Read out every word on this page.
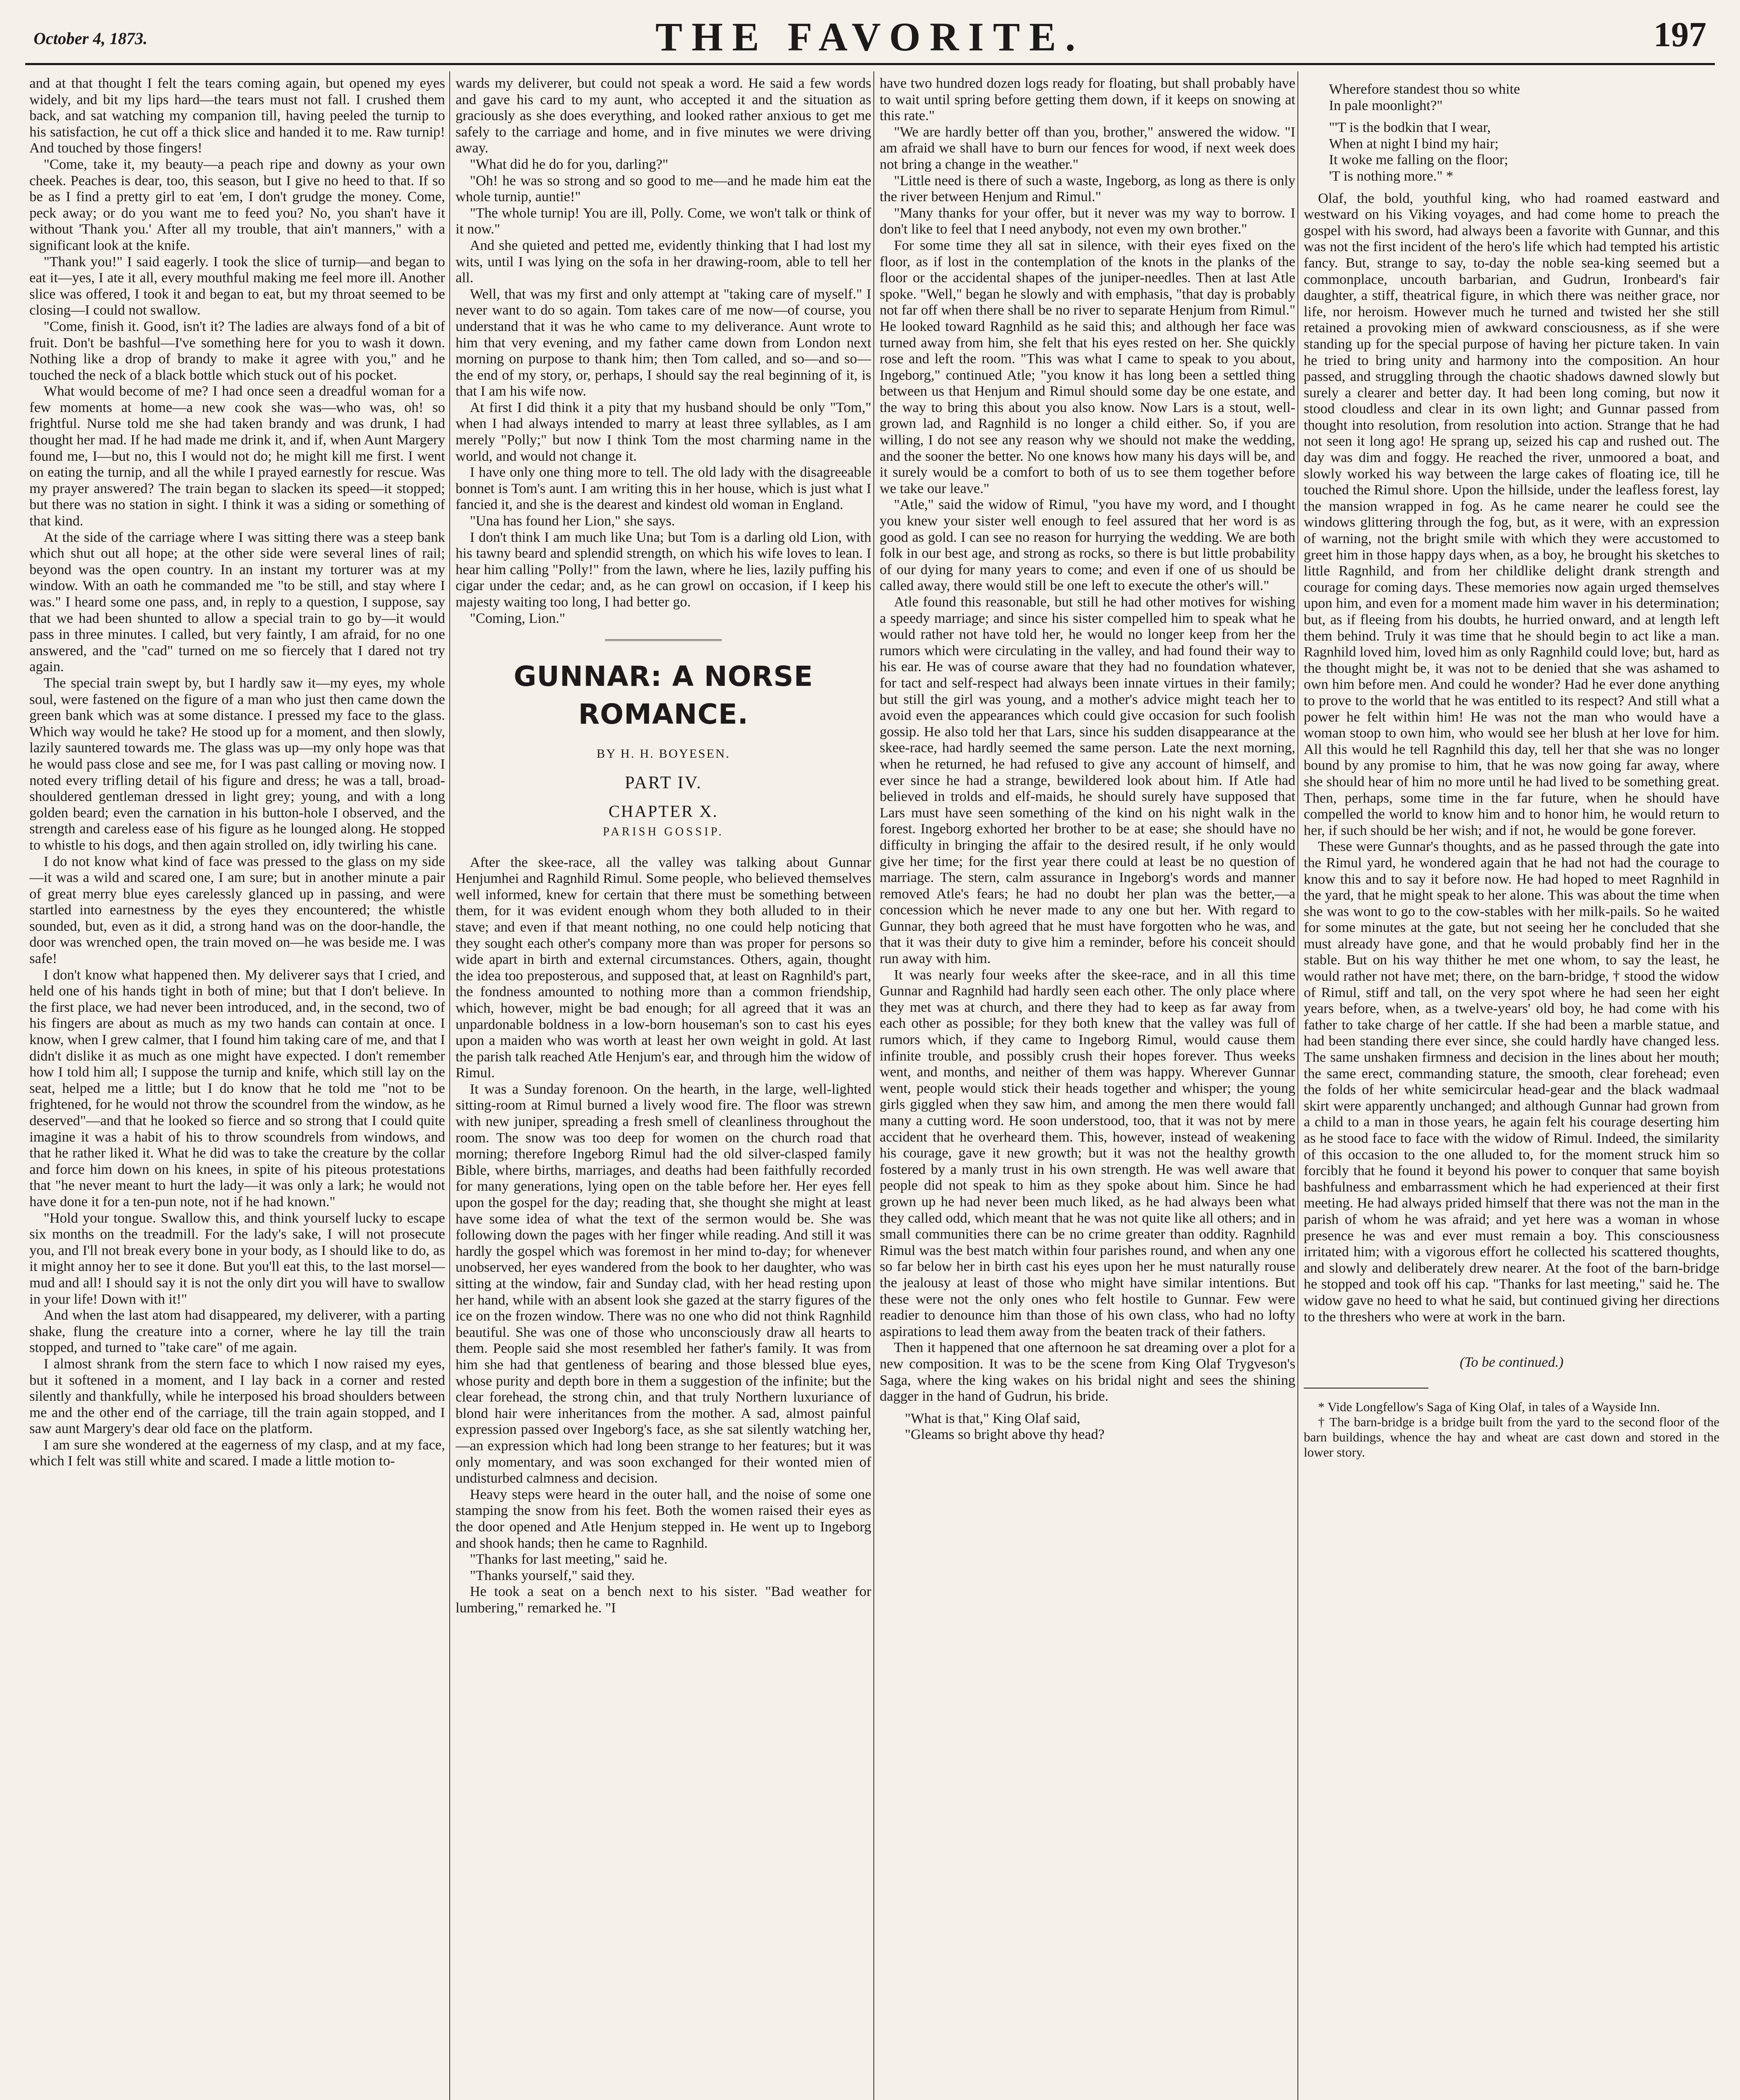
October 4, 1873.	THE FAVORITE.	197

and at that thought I felt the tears coming again, but opened my eyes widely, and bit my lips hard—the tears must not fall. I crushed them back, and sat watching my companion till, having peeled the turnip to his satisfaction, he cut off a thick slice and handed it to me. Raw turnip! And touched by those fingers!

"Come, take it, my beauty—a peach ripe and downy as your own cheek. Peaches is dear, too, this season, but I give no heed to that. If so be as I find a pretty girl to eat 'em, I don't grudge the money. Come, peck away; or do you want me to feed you? No, you shan't have it without 'Thank you.' After all my trouble, that ain't manners," with a significant look at the knife.

"Thank you!" I said eagerly. I took the slice of turnip—and began to eat it—yes, I ate it all, every mouthful making me feel more ill. Another slice was offered, I took it and began to eat, but my throat seemed to be closing—I could not swallow.

"Come, finish it. Good, isn't it? The ladies are always fond of a bit of fruit. Don't be bashful—I've something here for you to wash it down. Nothing like a drop of brandy to make it agree with you," and he touched the neck of a black bottle which stuck out of his pocket.

What would become of me? I had once seen a dreadful woman for a few moments at home—a new cook she was—who was, oh! so frightful. Nurse told me she had taken brandy and was drunk, I had thought her mad. If he had made me drink it, and if, when Aunt Margery found me, I—but no, this I would not do; he might kill me first. I went on eating the turnip, and all the while I prayed earnestly for rescue. Was my prayer answered? The train began to slacken its speed—it stopped; but there was no station in sight. I think it was a siding or something of that kind.

At the side of the carriage where I was sitting there was a steep bank which shut out all hope; at the other side were several lines of rail; beyond was the open country. In an instant my torturer was at my window. With an oath he commanded me "to be still, and stay where I was." I heard some one pass, and, in reply to a question, I suppose, say that we had been shunted to allow a special train to go by—it would pass in three minutes. I called, but very faintly, I am afraid, for no one answered, and the "cad" turned on me so fiercely that I dared not try again.

The special train swept by, but I hardly saw it—my eyes, my whole soul, were fastened on the figure of a man who just then came down the green bank which was at some distance. I pressed my face to the glass. Which way would he take? He stood up for a moment, and then slowly, lazily sauntered towards me. The glass was up—my only hope was that he would pass close and see me, for I was past calling or moving now. I noted every trifling detail of his figure and dress; he was a tall, broad-shouldered gentleman dressed in light grey; young, and with a long golden beard; even the carnation in his button-hole I observed, and the strength and careless ease of his figure as he lounged along. He stopped to whistle to his dogs, and then again strolled on, idly twirling his cane.

I do not know what kind of face was pressed to the glass on my side—it was a wild and scared one, I am sure; but in another minute a pair of great merry blue eyes carelessly glanced up in passing, and were startled into earnestness by the eyes they encountered; the whistle sounded, but, even as it did, a strong hand was on the door-handle, the door was wrenched open, the train moved on—he was beside me. I was safe!

I don't know what happened then. My deliverer says that I cried, and held one of his hands tight in both of mine; but that I don't believe. In the first place, we had never been introduced, and, in the second, two of his fingers are about as much as my two hands can contain at once. I know, when I grew calmer, that I found him taking care of me, and that I didn't dislike it as much as one might have expected. I don't remember how I told him all; I suppose the turnip and knife, which still lay on the seat, helped me a little; but I do know that he told me "not to be frightened, for he would not throw the scoundrel from the window, as he deserved"—and that he looked so fierce and so strong that I could quite imagine it was a habit of his to throw scoundrels from windows, and that he rather liked it. What he did was to take the creature by the collar and force him down on his knees, in spite of his piteous protestations that "he never meant to hurt the lady—it was only a lark; he would not have done it for a ten-pun note, not if he had known."

"Hold your tongue. Swallow this, and think yourself lucky to escape six months on the treadmill. For the lady's sake, I will not prosecute you, and I'll not break every bone in your body, as I should like to do, as it might annoy her to see it done. But you'll eat this, to the last morsel—mud and all! I should say it is not the only dirt you will have to swallow in your life! Down with it!"

And when the last atom had disappeared, my deliverer, with a parting shake, flung the creature into a corner, where he lay till the train stopped, and turned to "take care" of me again.

I almost shrank from the stern face to which I now raised my eyes, but it softened in a moment, and I lay back in a corner and rested silently and thankfully, while he interposed his broad shoulders between me and the other end of the carriage, till the train again stopped, and I saw aunt Margery's dear old face on the platform.

I am sure she wondered at the eagerness of my clasp, and at my face, which I felt was still white and scared. I made a little motion to-

wards my deliverer, but could not speak a word. He said a few words and gave his card to my aunt, who accepted it and the situation as graciously as she does everything, and looked rather anxious to get me safely to the carriage and home, and in five minutes we were driving away.

"What did he do for you, darling?"

"Oh! he was so strong and so good to me—and he made him eat the whole turnip, auntie!"

"The whole turnip! You are ill, Polly. Come, we won't talk or think of it now."

And she quieted and petted me, evidently thinking that I had lost my wits, until I was lying on the sofa in her drawing-room, able to tell her all.

Well, that was my first and only attempt at "taking care of myself." I never want to do so again. Tom takes care of me now—of course, you understand that it was he who came to my deliverance. Aunt wrote to him that very evening, and my father came down from London next morning on purpose to thank him; then Tom called, and so—and so—the end of my story, or, perhaps, I should say the real beginning of it, is that I am his wife now.

At first I did think it a pity that my husband should be only "Tom," when I had always intended to marry at least three syllables, as I am merely "Polly;" but now I think Tom the most charming name in the world, and would not change it.

I have only one thing more to tell. The old lady with the disagreeable bonnet is Tom's aunt. I am writing this in her house, which is just what I fancied it, and she is the dearest and kindest old woman in England.

"Una has found her Lion," she says.

I don't think I am much like Una; but Tom is a darling old Lion, with his tawny beard and splendid strength, on which his wife loves to lean. I hear him calling "Polly!" from the lawn, where he lies, lazily puffing his cigar under the cedar; and, as he can growl on occasion, if I keep his majesty waiting too long, I had better go.

"Coming, Lion."

GUNNAR: A NORSE ROMANCE.
BY H. H. BOYESEN.
PART IV.
CHAPTER X.
PARISH GOSSIP.

After the skee-race, all the valley was talking about Gunnar Henjumhei and Ragnhild Rimul. Some people, who believed themselves well informed, knew for certain that there must be something between them, for it was evident enough whom they both alluded to in their stave; and even if that meant nothing, no one could help noticing that they sought each other's company more than was proper for persons so wide apart in birth and external circumstances. Others, again, thought the idea too preposterous, and supposed that, at least on Ragnhild's part, the fondness amounted to nothing more than a common friendship, which, however, might be bad enough; for all agreed that it was an unpardonable boldness in a low-born houseman's son to cast his eyes upon a maiden who was worth at least her own weight in gold. At last the parish talk reached Atle Henjum's ear, and through him the widow of Rimul.

It was a Sunday forenoon. On the hearth, in the large, well-lighted sitting-room at Rimul burned a lively wood fire. The floor was strewn with new juniper, spreading a fresh smell of cleanliness throughout the room. The snow was too deep for women on the church road that morning; therefore Ingeborg Rimul had the old silver-clasped family Bible, where births, marriages, and deaths had been faithfully recorded for many generations, lying open on the table before her. Her eyes fell upon the gospel for the day; reading that, she thought she might at least have some idea of what the text of the sermon would be. She was following down the pages with her finger while reading. And still it was hardly the gospel which was foremost in her mind to-day; for whenever unobserved, her eyes wandered from the book to her daughter, who was sitting at the window, fair and Sunday clad, with her head resting upon her hand, while with an absent look she gazed at the starry figures of the ice on the frozen window. There was no one who did not think Ragnhild beautiful. She was one of those who unconsciously draw all hearts to them. People said she most resembled her father's family. It was from him she had that gentleness of bearing and those blessed blue eyes, whose purity and depth bore in them a suggestion of the infinite; but the clear forehead, the strong chin, and that truly Northern luxuriance of blond hair were inheritances from the mother. A sad, almost painful expression passed over Ingeborg's face, as she sat silently watching her,—an expression which had long been strange to her features; but it was only momentary, and was soon exchanged for their wonted mien of undisturbed calmness and decision.

Heavy steps were heard in the outer hall, and the noise of some one stamping the snow from his feet. Both the women raised their eyes as the door opened and Atle Henjum stepped in. He went up to Ingeborg and shook hands; then he came to Ragnhild.

"Thanks for last meeting," said he.

"Thanks yourself," said they.

He took a seat on a bench next to his sister. "Bad weather for lumbering," remarked he. "I

have two hundred dozen logs ready for floating, but shall probably have to wait until spring before getting them down, if it keeps on snowing at this rate."

"We are hardly better off than you, brother," answered the widow. "I am afraid we shall have to burn our fences for wood, if next week does not bring a change in the weather."

"Little need is there of such a waste, Ingeborg, as long as there is only the river between Henjum and Rimul."

"Many thanks for your offer, but it never was my way to borrow. I don't like to feel that I need anybody, not even my own brother."

For some time they all sat in silence, with their eyes fixed on the floor, as if lost in the contemplation of the knots in the planks of the floor or the accidental shapes of the juniper-needles. Then at last Atle spoke. "Well," began he slowly and with emphasis, "that day is probably not far off when there shall be no river to separate Henjum from Rimul." He looked toward Ragnhild as he said this; and although her face was turned away from him, she felt that his eyes rested on her. She quickly rose and left the room. "This was what I came to speak to you about, Ingeborg," continued Atle; "you know it has long been a settled thing between us that Henjum and Rimul should some day be one estate, and the way to bring this about you also know. Now Lars is a stout, well-grown lad, and Ragnhild is no longer a child either. So, if you are willing, I do not see any reason why we should not make the wedding, and the sooner the better. No one knows how many his days will be, and it surely would be a comfort to both of us to see them together before we take our leave."

"Atle," said the widow of Rimul, "you have my word, and I thought you knew your sister well enough to feel assured that her word is as good as gold. I can see no reason for hurrying the wedding. We are both folk in our best age, and strong as rocks, so there is but little probability of our dying for many years to come; and even if one of us should be called away, there would still be one left to execute the other's will."

Atle found this reasonable, but still he had other motives for wishing a speedy marriage; and since his sister compelled him to speak what he would rather not have told her, he would no longer keep from her the rumors which were circulating in the valley, and had found their way to his ear. He was of course aware that they had no foundation whatever, for tact and self-respect had always been innate virtues in their family; but still the girl was young, and a mother's advice might teach her to avoid even the appearances which could give occasion for such foolish gossip. He also told her that Lars, since his sudden disappearance at the skee-race, had hardly seemed the same person. Late the next morning, when he returned, he had refused to give any account of himself, and ever since he had a strange, bewildered look about him. If Atle had believed in trolds and elf-maids, he should surely have supposed that Lars must have seen something of the kind on his night walk in the forest. Ingeborg exhorted her brother to be at ease; she should have no difficulty in bringing the affair to the desired result, if he only would give her time; for the first year there could at least be no question of marriage. The stern, calm assurance in Ingeborg's words and manner removed Atle's fears; he had no doubt her plan was the better,—a concession which he never made to any one but her. With regard to Gunnar, they both agreed that he must have forgotten who he was, and that it was their duty to give him a reminder, before his conceit should run away with him.

It was nearly four weeks after the skee-race, and in all this time Gunnar and Ragnhild had hardly seen each other. The only place where they met was at church, and there they had to keep as far away from each other as possible; for they both knew that the valley was full of rumors which, if they came to Ingeborg Rimul, would cause them infinite trouble, and possibly crush their hopes forever. Thus weeks went, and months, and neither of them was happy. Wherever Gunnar went, people would stick their heads together and whisper; the young girls giggled when they saw him, and among the men there would fall many a cutting word. He soon understood, too, that it was not by mere accident that he overheard them. This, however, instead of weakening his courage, gave it new growth; but it was not the healthy growth fostered by a manly trust in his own strength. He was well aware that people did not speak to him as they spoke about him. Since he had grown up he had never been much liked, as he had always been what they called odd, which meant that he was not quite like all others; and in small communities there can be no crime greater than oddity. Ragnhild Rimul was the best match within four parishes round, and when any one so far below her in birth cast his eyes upon her he must naturally rouse the jealousy at least of those who might have similar intentions. But these were not the only ones who felt hostile to Gunnar. Few were readier to denounce him than those of his own class, who had no lofty aspirations to lead them away from the beaten track of their fathers.

Then it happened that one afternoon he sat dreaming over a plot for a new composition. It was to be the scene from King Olaf Trygveson's Saga, where the king wakes on his bridal night and sees the shining dagger in the hand of Gudrun, his bride.

"What is that," King Olaf said,

"Gleams so bright above thy head?

Wherefore standest thou so white

In pale moonlight?"

"'T is the bodkin that I wear,

When at night I bind my hair;

It woke me falling on the floor;

'T is nothing more." *

Olaf, the bold, youthful king, who had roamed eastward and westward on his Viking voyages, and had come home to preach the gospel with his sword, had always been a favorite with Gunnar, and this was not the first incident of the hero's life which had tempted his artistic fancy. But, strange to say, to-day the noble sea-king seemed but a commonplace, uncouth barbarian, and Gudrun, Ironbeard's fair daughter, a stiff, theatrical figure, in which there was neither grace, nor life, nor heroism. However much he turned and twisted her she still retained a provoking mien of awkward consciousness, as if she were standing up for the special purpose of having her picture taken. In vain he tried to bring unity and harmony into the composition. An hour passed, and struggling through the chaotic shadows dawned slowly but surely a clearer and better day. It had been long coming, but now it stood cloudless and clear in its own light; and Gunnar passed from thought into resolution, from resolution into action. Strange that he had not seen it long ago! He sprang up, seized his cap and rushed out. The day was dim and foggy. He reached the river, unmoored a boat, and slowly worked his way between the large cakes of floating ice, till he touched the Rimul shore. Upon the hillside, under the leafless forest, lay the mansion wrapped in fog. As he came nearer he could see the windows glittering through the fog, but, as it were, with an expression of warning, not the bright smile with which they were accustomed to greet him in those happy days when, as a boy, he brought his sketches to little Ragnhild, and from her childlike delight drank strength and courage for coming days. These memories now again urged themselves upon him, and even for a moment made him waver in his determination; but, as if fleeing from his doubts, he hurried onward, and at length left them behind. Truly it was time that he should begin to act like a man. Ragnhild loved him, loved him as only Ragnhild could love; but, hard as the thought might be, it was not to be denied that she was ashamed to own him before men. And could he wonder? Had he ever done anything to prove to the world that he was entitled to its respect? And still what a power he felt within him! He was not the man who would have a woman stoop to own him, who would see her blush at her love for him. All this would he tell Ragnhild this day, tell her that she was no longer bound by any promise to him, that he was now going far away, where she should hear of him no more until he had lived to be something great. Then, perhaps, some time in the far future, when he should have compelled the world to know him and to honor him, he would return to her, if such should be her wish; and if not, he would be gone forever.

These were Gunnar's thoughts, and as he passed through the gate into the Rimul yard, he wondered again that he had not had the courage to know this and to say it before now. He had hoped to meet Ragnhild in the yard, that he might speak to her alone. This was about the time when she was wont to go to the cow-stables with her milk-pails. So he waited for some minutes at the gate, but not seeing her he concluded that she must already have gone, and that he would probably find her in the stable. But on his way thither he met one whom, to say the least, he would rather not have met; there, on the barn-bridge, † stood the widow of Rimul, stiff and tall, on the very spot where he had seen her eight years before, when, as a twelve-years' old boy, he had come with his father to take charge of her cattle. If she had been a marble statue, and had been standing there ever since, she could hardly have changed less. The same unshaken firmness and decision in the lines about her mouth; the same erect, commanding stature, the smooth, clear forehead; even the folds of her white semicircular head-gear and the black wadmaal skirt were apparently unchanged; and although Gunnar had grown from a child to a man in those years, he again felt his courage deserting him as he stood face to face with the widow of Rimul. Indeed, the similarity of this occasion to the one alluded to, for the moment struck him so forcibly that he found it beyond his power to conquer that same boyish bashfulness and embarrassment which he had experienced at their first meeting. He had always prided himself that there was not the man in the parish of whom he was afraid; and yet here was a woman in whose presence he was and ever must remain a boy. This consciousness irritated him; with a vigorous effort he collected his scattered thoughts, and slowly and deliberately drew nearer. At the foot of the barn-bridge he stopped and took off his cap. "Thanks for last meeting," said he. The widow gave no heed to what he said, but continued giving her directions to the threshers who were at work in the barn.

(To be continued.)

* Vide Longfellow's Saga of King Olaf, in tales of a Wayside Inn.

† The barn-bridge is a bridge built from the yard to the second floor of the barn buildings, whence the hay and wheat are cast down and stored in the lower story.
